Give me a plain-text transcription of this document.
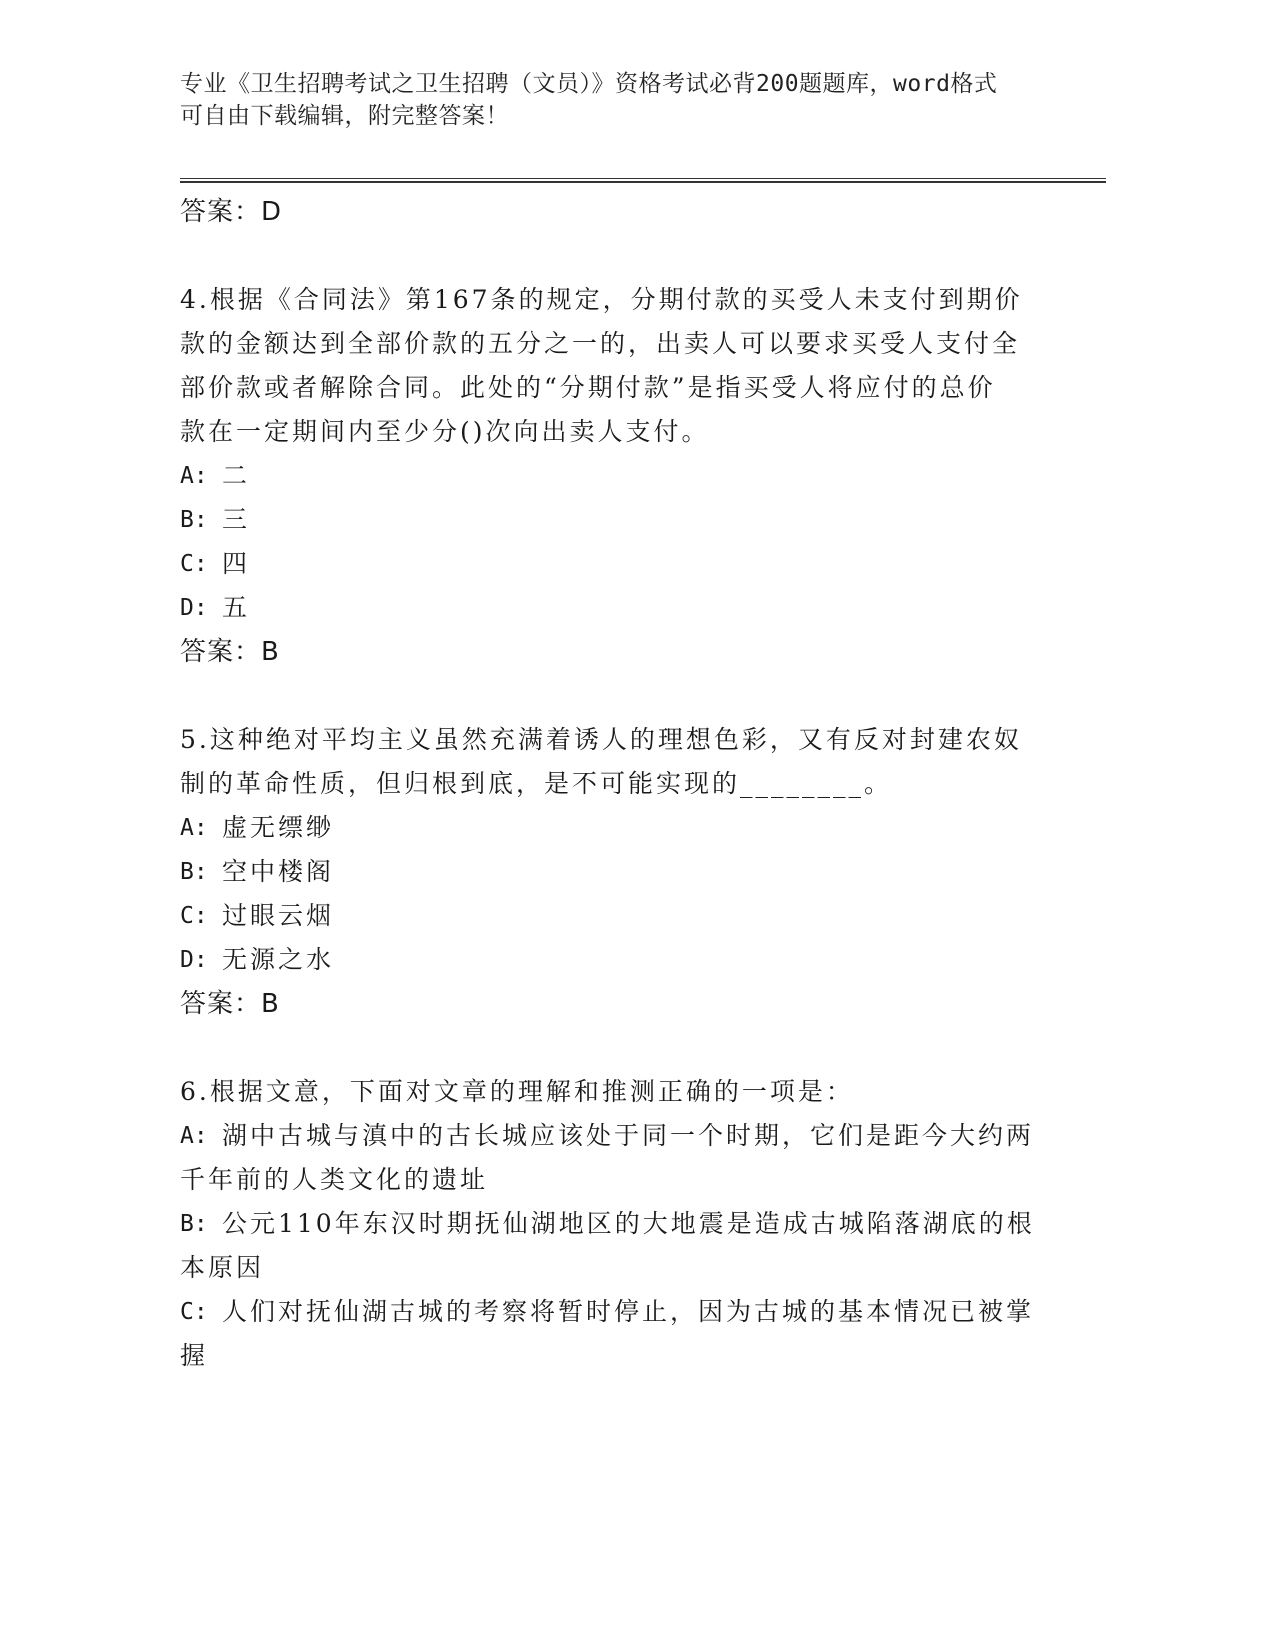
专业《卫生招聘考试之卫生招聘（文员）》资格考试必背200题题库，word格式
可自由下载编辑，附完整答案！
答案：D
4.根据《合同法》第167条的规定，分期付款的买受人未支付到期价
款的金额达到全部价款的五分之一的，出卖人可以要求买受人支付全
部价款或者解除合同。此处的“分期付款”是指买受人将应付的总价
款在一定期间内至少分()次向出卖人支付。
A: 二
B: 三
C: 四
D: 五
答案：B
5.这种绝对平均主义虽然充满着诱人的理想色彩，又有反对封建农奴
制的革命性质，但归根到底，是不可能实现的________。
A: 虚无缥缈
B: 空中楼阁
C: 过眼云烟
D: 无源之水
答案：B
6.根据文意，下面对文章的理解和推测正确的一项是：
A: 湖中古城与滇中的古长城应该处于同一个时期，它们是距今大约两
千年前的人类文化的遗址
B: 公元110年东汉时期抚仙湖地区的大地震是造成古城陷落湖底的根
本原因
C: 人们对抚仙湖古城的考察将暂时停止，因为古城的基本情况已被掌
握
